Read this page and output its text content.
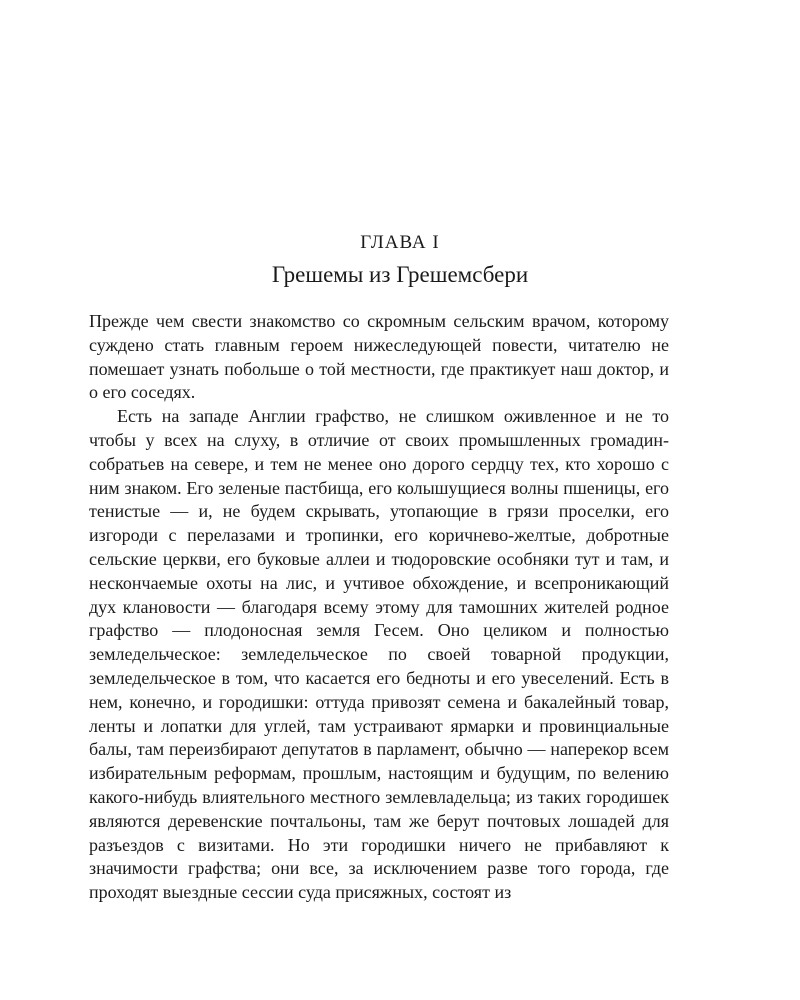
ГЛАВА I
Грешемы из Грешемсбери

Прежде чем свести знакомство со скромным сельским врачом, которому суждено стать главным героем нижеследующей повести, читателю не помешает узнать побольше о той местности, где практикует наш доктор, и о его соседях.

Есть на западе Англии графство, не слишком оживленное и не то чтобы у всех на слуху, в отличие от своих промышленных громадин-собратьев на севере, и тем не менее оно дорого сердцу тех, кто хорошо с ним знаком. Его зеленые пастбища, его колышущиеся волны пшеницы, его тенистые — и, не будем скрывать, утопающие в грязи проселки, его изгороди с перелазами и тропинки, его коричнево-желтые, добротные сельские церкви, его буковые аллеи и тюдоровские особняки тут и там, и нескончаемые охоты на лис, и учтивое обхождение, и всепроникающий дух клановости — благодаря всему этому для тамошних жителей родное графство — плодоносная земля Гесем. Оно целиком и полностью земледельческое: земледельческое по своей товарной продукции, земледельческое в том, что касается его бедноты и его увеселений. Есть в нем, конечно, и городишки: оттуда привозят семена и бакалейный товар, ленты и лопатки для углей, там устраивают ярмарки и провинциальные балы, там переизбирают депутатов в парламент, обычно — наперекор всем избирательным реформам, прошлым, настоящим и будущим, по велению какого-нибудь влиятельного местного землевладельца; из таких городишек являются деревенские почтальоны, там же берут почтовых лошадей для разъездов с визитами. Но эти городишки ничего не прибавляют к значимости графства; они все, за исключением разве того города, где проходят выездные сессии суда присяжных, состоят из
